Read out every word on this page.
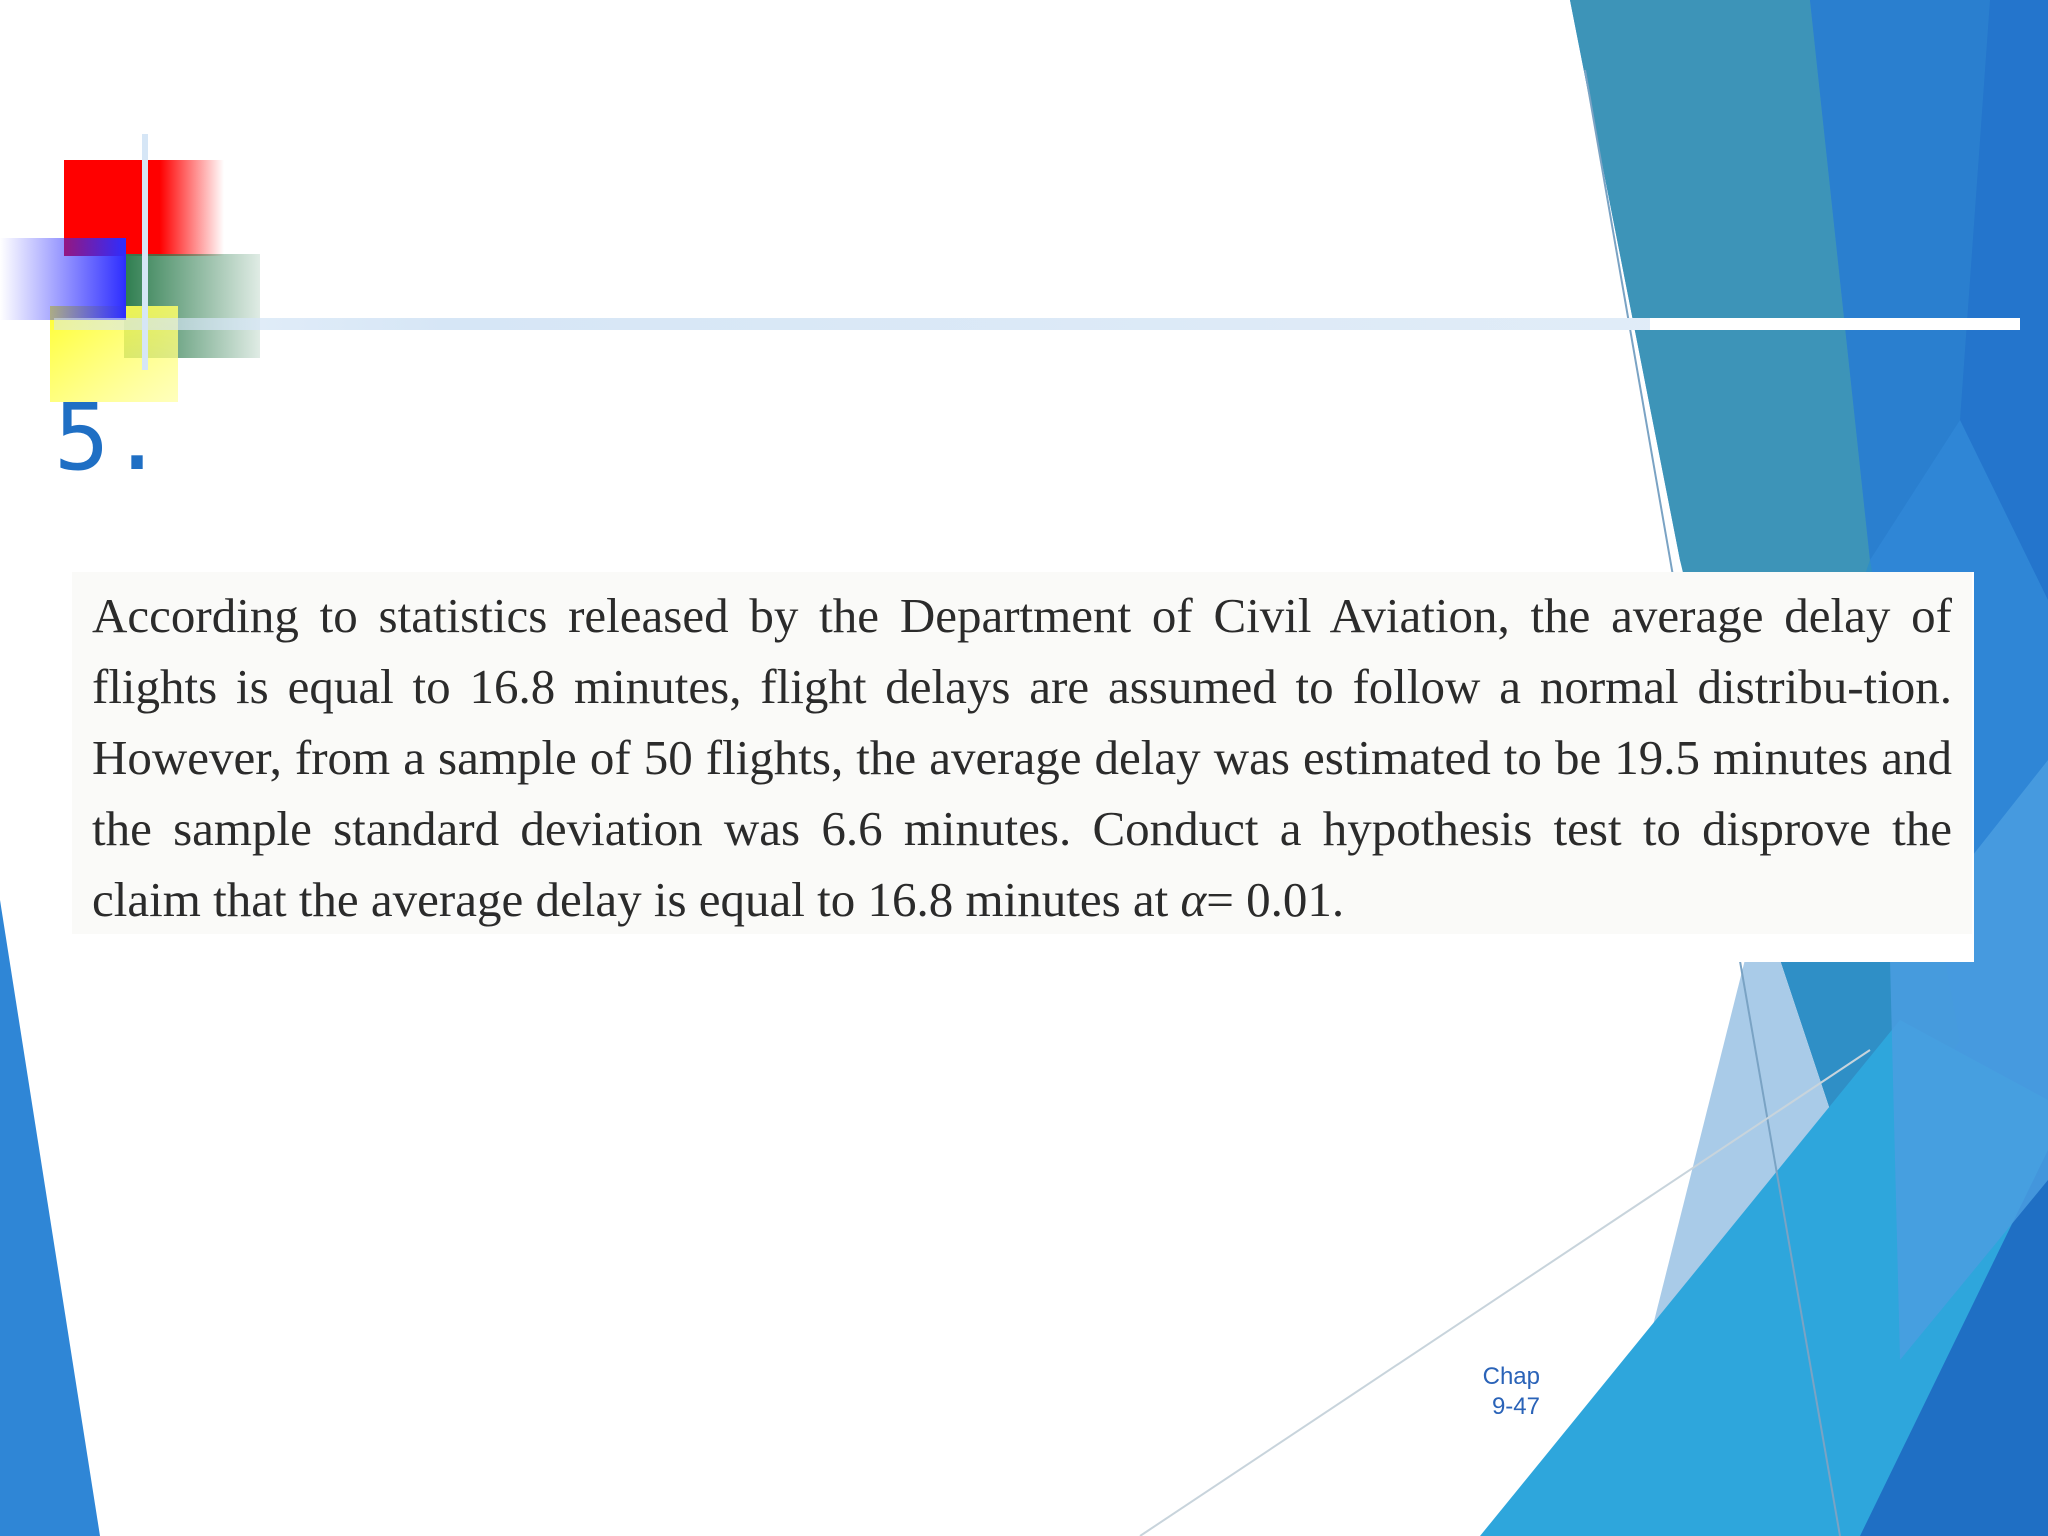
5.

According to statistics released by the Department of Civil Aviation, the average delay of flights is equal to 16.8 minutes, flight delays are assumed to follow a normal distribu-tion. However, from a sample of 50 flights, the average delay was estimated to be 19.5 minutes and the sample standard deviation was 6.6 minutes. Conduct a hypothesis test to disprove the claim that the average delay is equal to 16.8 minutes at α= 0.01.

Chap
9-47
